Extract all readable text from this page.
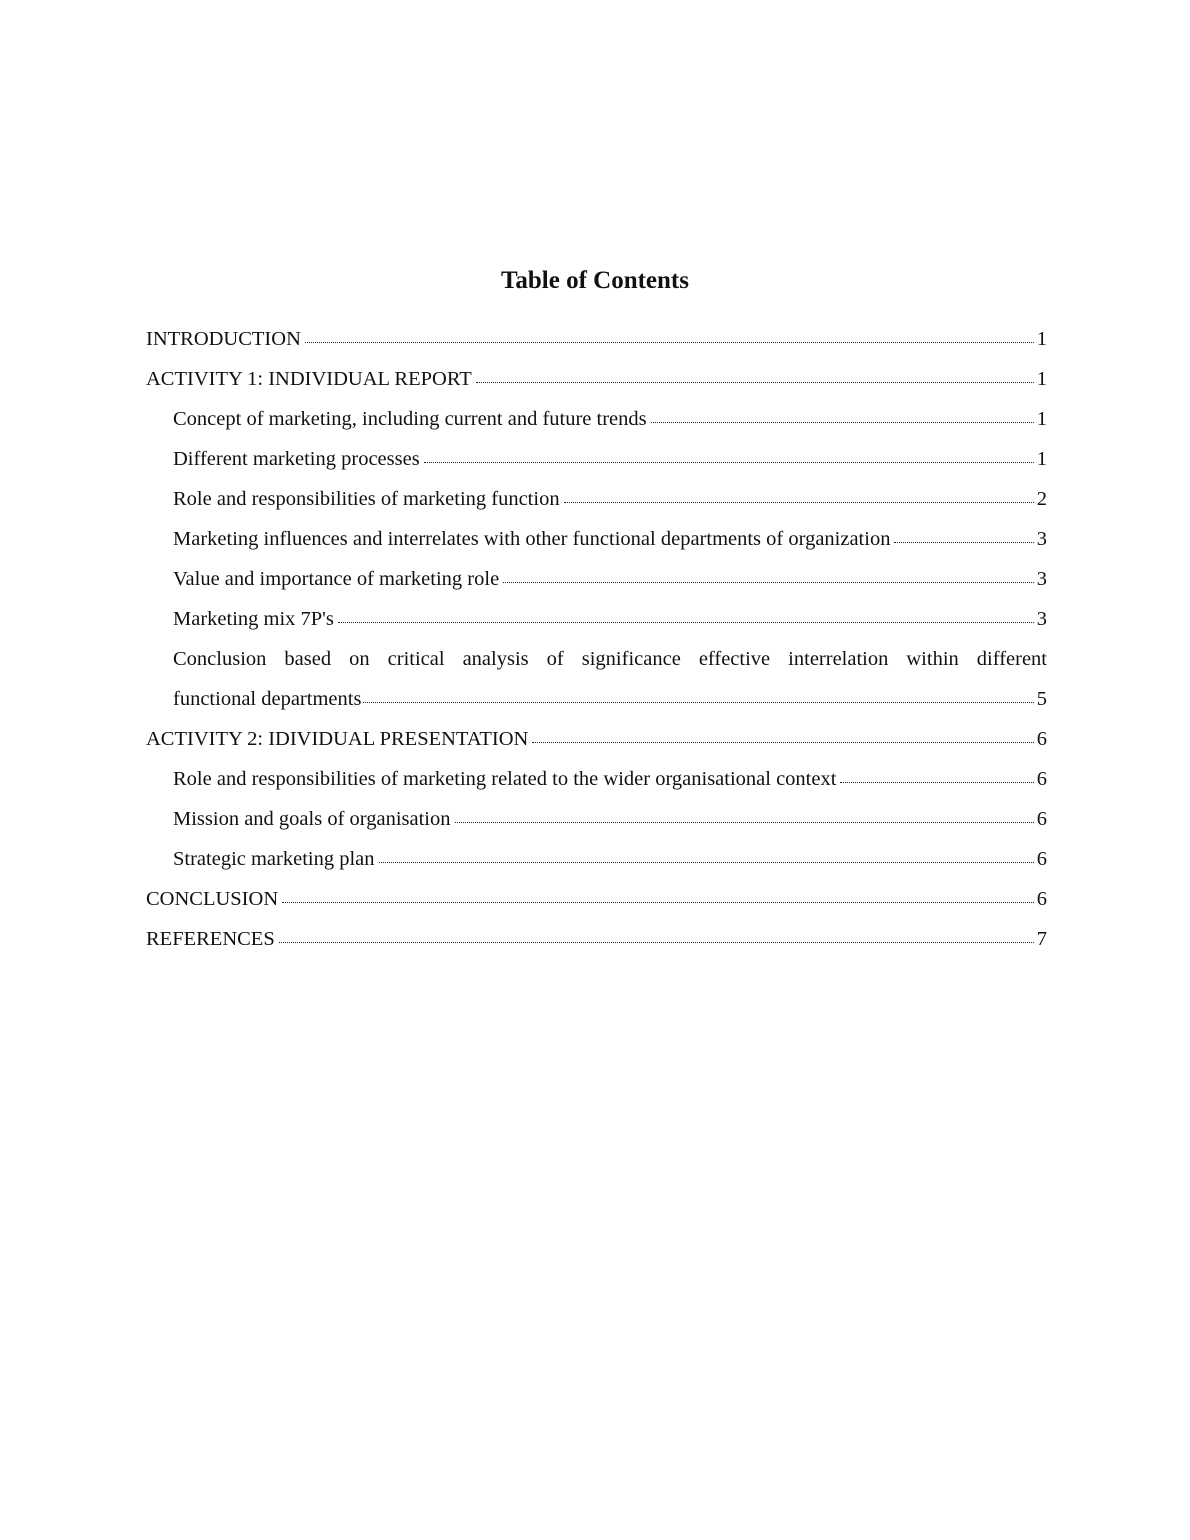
Table of Contents
INTRODUCTION	1
ACTIVITY 1: INDIVIDUAL REPORT	1
Concept of marketing, including current and future trends	1
Different marketing processes	1
Role and responsibilities of marketing function	2
Marketing influences and interrelates with other functional departments of organization	3
Value and importance of marketing role	3
Marketing mix 7P's	3
Conclusion based on critical analysis of significance effective interrelation within different
functional departments	5
ACTIVITY 2: IDIVIDUAL PRESENTATION	6
Role and responsibilities of marketing related to the wider organisational context	6
Mission and goals of organisation	6
Strategic marketing plan	6
CONCLUSION	6
REFERENCES	7
